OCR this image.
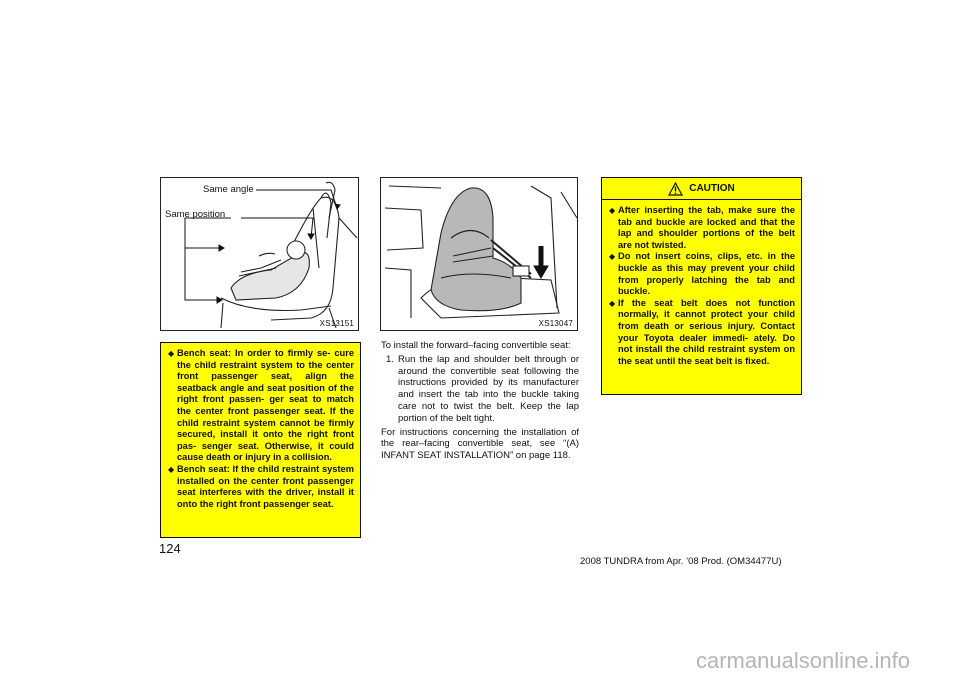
Same angle
Same position
XS13151	XS13047
◆ Bench seat: In order to firmly se- cure the child restraint system to the center front passenger seat, align the seatback angle and seat position of the right front passen- ger seat to match the center front passenger seat. If the child restraint system cannot be firmly secured, install it onto the right front pas- senger seat. Otherwise, it could cause death or injury in a collision.
◆ Bench seat: If the child restraint system installed on the center front passenger seat interferes with the driver, install it onto the right front passenger seat.

To install the forward–facing convertible seat:

1. Run the lap and shoulder belt through or around the convertible seat following the instructions provided by its manufacturer and insert the tab into the buckle taking care not to twist the belt. Keep the lap portion of the belt tight.

For instructions concerning the installation of the rear–facing convertible seat, see “(A) INFANT SEAT INSTALLATION” on page 118.

CAUTION
◆ After inserting the tab, make sure the tab and buckle are locked and that the lap and shoulder portions of the belt are not twisted.
◆ Do not insert coins, clips, etc. in the buckle as this may prevent your child from properly latching the tab and buckle.
◆ If the seat belt does not function normally, it cannot protect your child from death or serious injury. Contact your Toyota dealer immedi- ately. Do not install the child restraint system on the seat until the seat belt is fixed.
124
2008 TUNDRA from Apr. ’08 Prod. (OM34477U)
carmanualsonline.info
